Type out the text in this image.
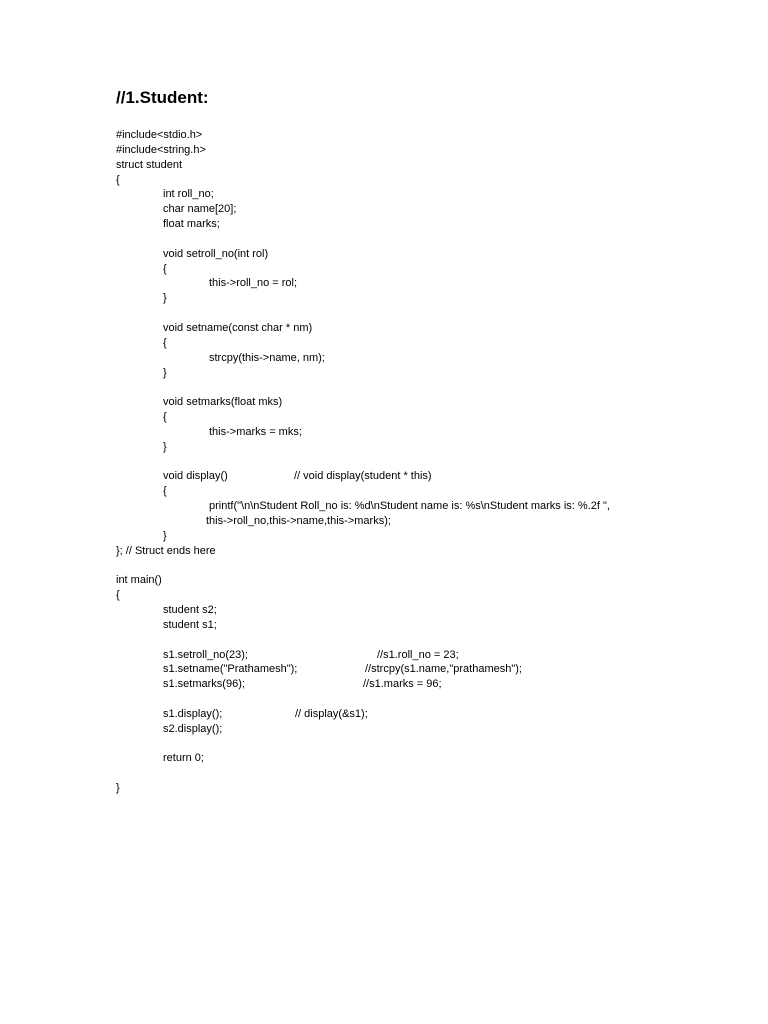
//1.Student:
#include<stdio.h>
#include<string.h>
struct student
{
int roll_no;
char name[20];
float marks;
void setroll_no(int rol)
{
this->roll_no = rol;
}
void setname(const char * nm)
{
strcpy(this->name, nm);
}
void setmarks(float mks)
{
this->marks = mks;
}
void display()	// void display(student * this)
{
printf("\n\nStudent Roll_no is: %d\nStudent name is: %s\nStudent marks is: %.2f ",
this->roll_no,this->name,this->marks);
}
}; // Struct ends here
int main()
{
student s2;
student s1;
s1.setroll_no(23);	//s1.roll_no = 23;
s1.setname("Prathamesh");	//strcpy(s1.name,"prathamesh");
s1.setmarks(96);	//s1.marks = 96;
s1.display();	// display(&s1);
s2.display();
return 0;
}
